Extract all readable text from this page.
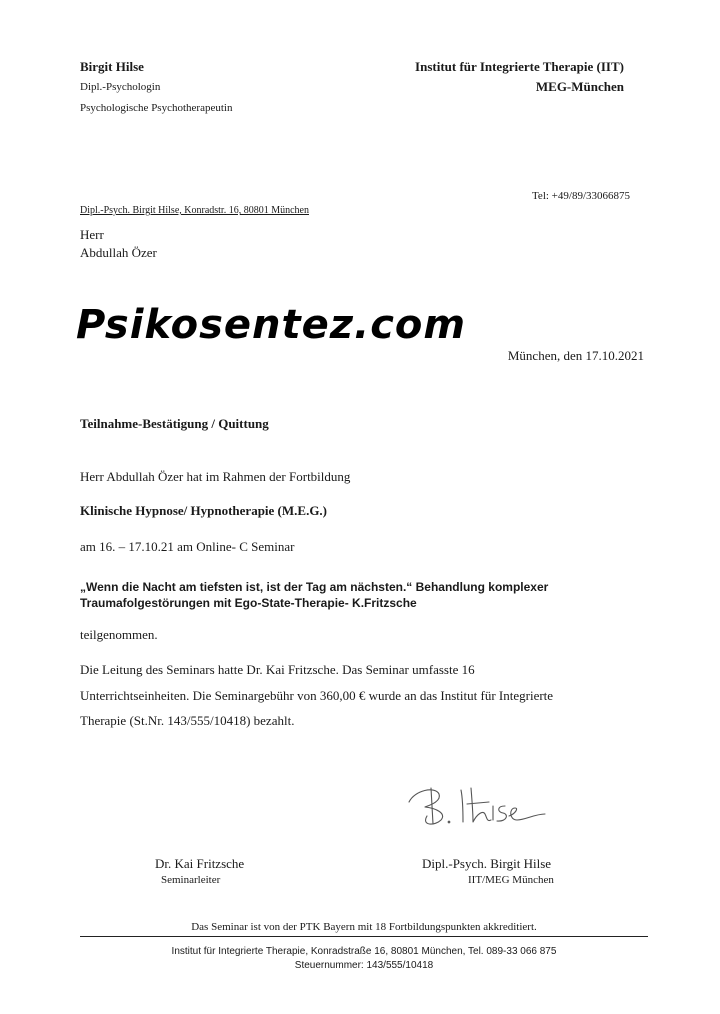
Birgit Hilse
Dipl.-Psychologin
Psychologische Psychotherapeutin
Institut für Integrierte Therapie (IIT)
MEG-München
Tel: +49/89/33066875
Dipl.-Psych. Birgit Hilse, Konradstr. 16, 80801 München
Herr
Abdullah Özer
Psikosentez.com
München, den 17.10.2021
Teilnahme-Bestätigung / Quittung
Herr Abdullah Özer hat im Rahmen der Fortbildung
Klinische Hypnose/ Hypnotherapie (M.E.G.)
am 16. – 17.10.21 am Online- C Seminar
„Wenn die Nacht am tiefsten ist, ist der Tag am nächsten.“ Behandlung komplexer
Traumafolgestörungen mit Ego-State-Therapie- K.Fritzsche
teilgenommen.
Die Leitung des Seminars hatte Dr. Kai Fritzsche. Das Seminar umfasste 16
Unterrichtseinheiten. Die Seminargebühr von 360,00 € wurde an das Institut für Integrierte
Therapie (St.Nr. 143/555/10418) bezahlt.
Dr. Kai Fritzsche
Seminarleiter
Dipl.-Psych. Birgit Hilse
IIT/MEG München
Das Seminar ist von der PTK Bayern mit 18 Fortbildungspunkten akkreditiert.
Institut für Integrierte Therapie, Konradstraße 16, 80801 München, Tel. 089-33 066 875
Steuernummer: 143/555/10418
